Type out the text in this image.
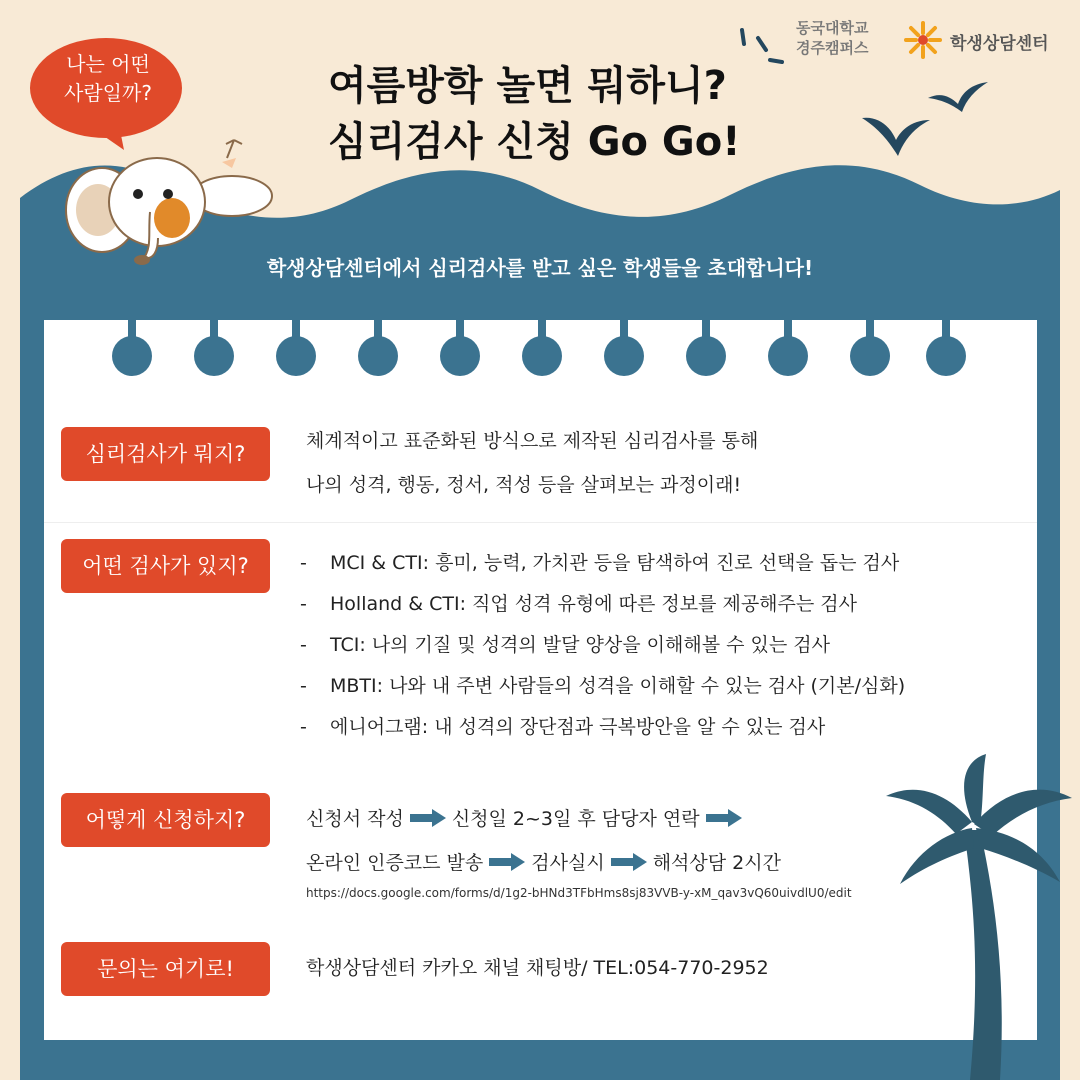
나는 어떤
사람일까?	여름방학 놀면 뭐하니?
심리검사 신청 Go Go!
동국대학교
경주캠퍼스	학생상담센터
학생상담센터에서 심리검사를 받고 싶은 학생들을 초대합니다!
심리검사가 뭐지?
체계적이고 표준화된 방식으로 제작된 심리검사를 통해
나의 성격, 행동, 정서, 적성 등을 살펴보는 과정이래!
어떤 검사가 있지?	- MCI & CTI: 흥미, 능력, 가치관 등을 탐색하여 진로 선택을 돕는 검사
- Holland & CTI: 직업 성격 유형에 따른 정보를 제공해주는 검사
- TCI: 나의 기질 및 성격의 발달 양상을 이해해볼 수 있는 검사
- MBTI: 나와 내 주변 사람들의 성격을 이해할 수 있는 검사 (기본/심화)
- 에니어그램: 내 성격의 장단점과 극복방안을 알 수 있는 검사
어떻게 신청하지?	신청서 작성	신청일 2~3일 후 담당자 연락
온라인 인증코드 발송	검사실시	해석상담 2시간
https://docs.google.com/forms/d/1g2-bHNd3TFbHms8sj83VVB-y-xM_qav3vQ60uivdlU0/edit
문의는 여기로!	학생상담센터 카카오 채널 채팅방/ TEL:054-770-2952
